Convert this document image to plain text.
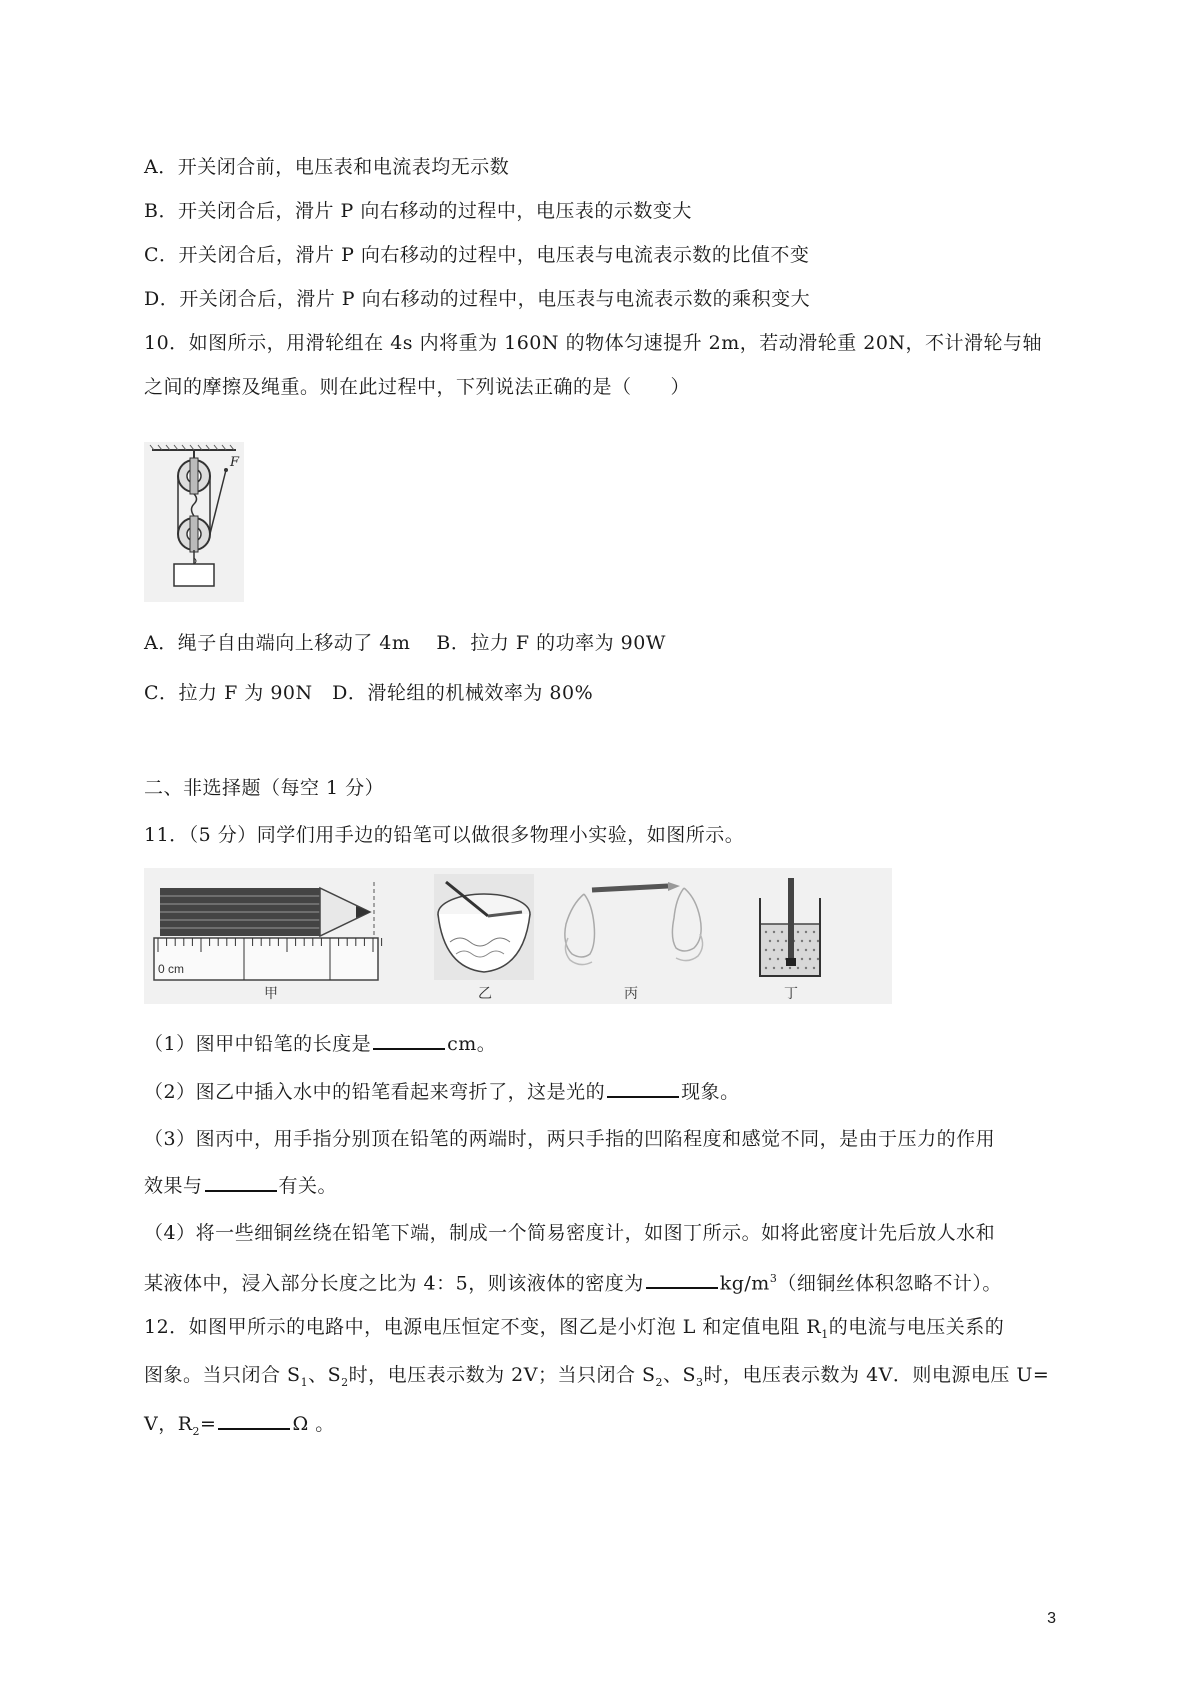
A．开关闭合前，电压表和电流表均无示数
B．开关闭合后，滑片 P 向右移动的过程中，电压表的示数变大
C．开关闭合后，滑片 P 向右移动的过程中，电压表与电流表示数的比值不变
D．开关闭合后，滑片 P 向右移动的过程中，电压表与电流表示数的乘积变大
10．如图所示，用滑轮组在 4s 内将重为 160N 的物体匀速提升 2m，若动滑轮重 20N，不计滑轮与轴
之间的摩擦及绳重。则在此过程中，下列说法正确的是（　　）
F
A．绳子自由端向上移动了 4m　 B．拉力 F 的功率为 90W
C．拉力 F 为 90N　D．滑轮组的机械效率为 80%
二、非选择题（每空 1 分）
11．（5 分）同学们用手边的铅笔可以做很多物理小实验，如图所示。
0 cm
甲	乙	丙	丁
（1）图甲中铅笔的长度是	cm。
（2）图乙中插入水中的铅笔看起来弯折了，这是光的	现象。
（3）图丙中，用手指分别顶在铅笔的两端时，两只手指的凹陷程度和感觉不同，是由于压力的作用
效果与	有关。
（4）将一些细铜丝绕在铅笔下端，制成一个简易密度计，如图丁所示。如将此密度计先后放人水和
某液体中，浸入部分长度之比为 4：5，则该液体的密度为	$kg/m^3$（细铜丝体积忽略不计）。
12．如图甲所示的电路中，电源电压恒定不变，图乙是小灯泡 L 和定值电阻 $R_1$的电流与电压关系的
图象。当只闭合 $S_1$、$S_2$时，电压表示数为 2V；当只闭合 $S_2$、$S_3$时，电压表示数为 4V．则电源电压 U=
V，$R_2=$	Ω 。
3
